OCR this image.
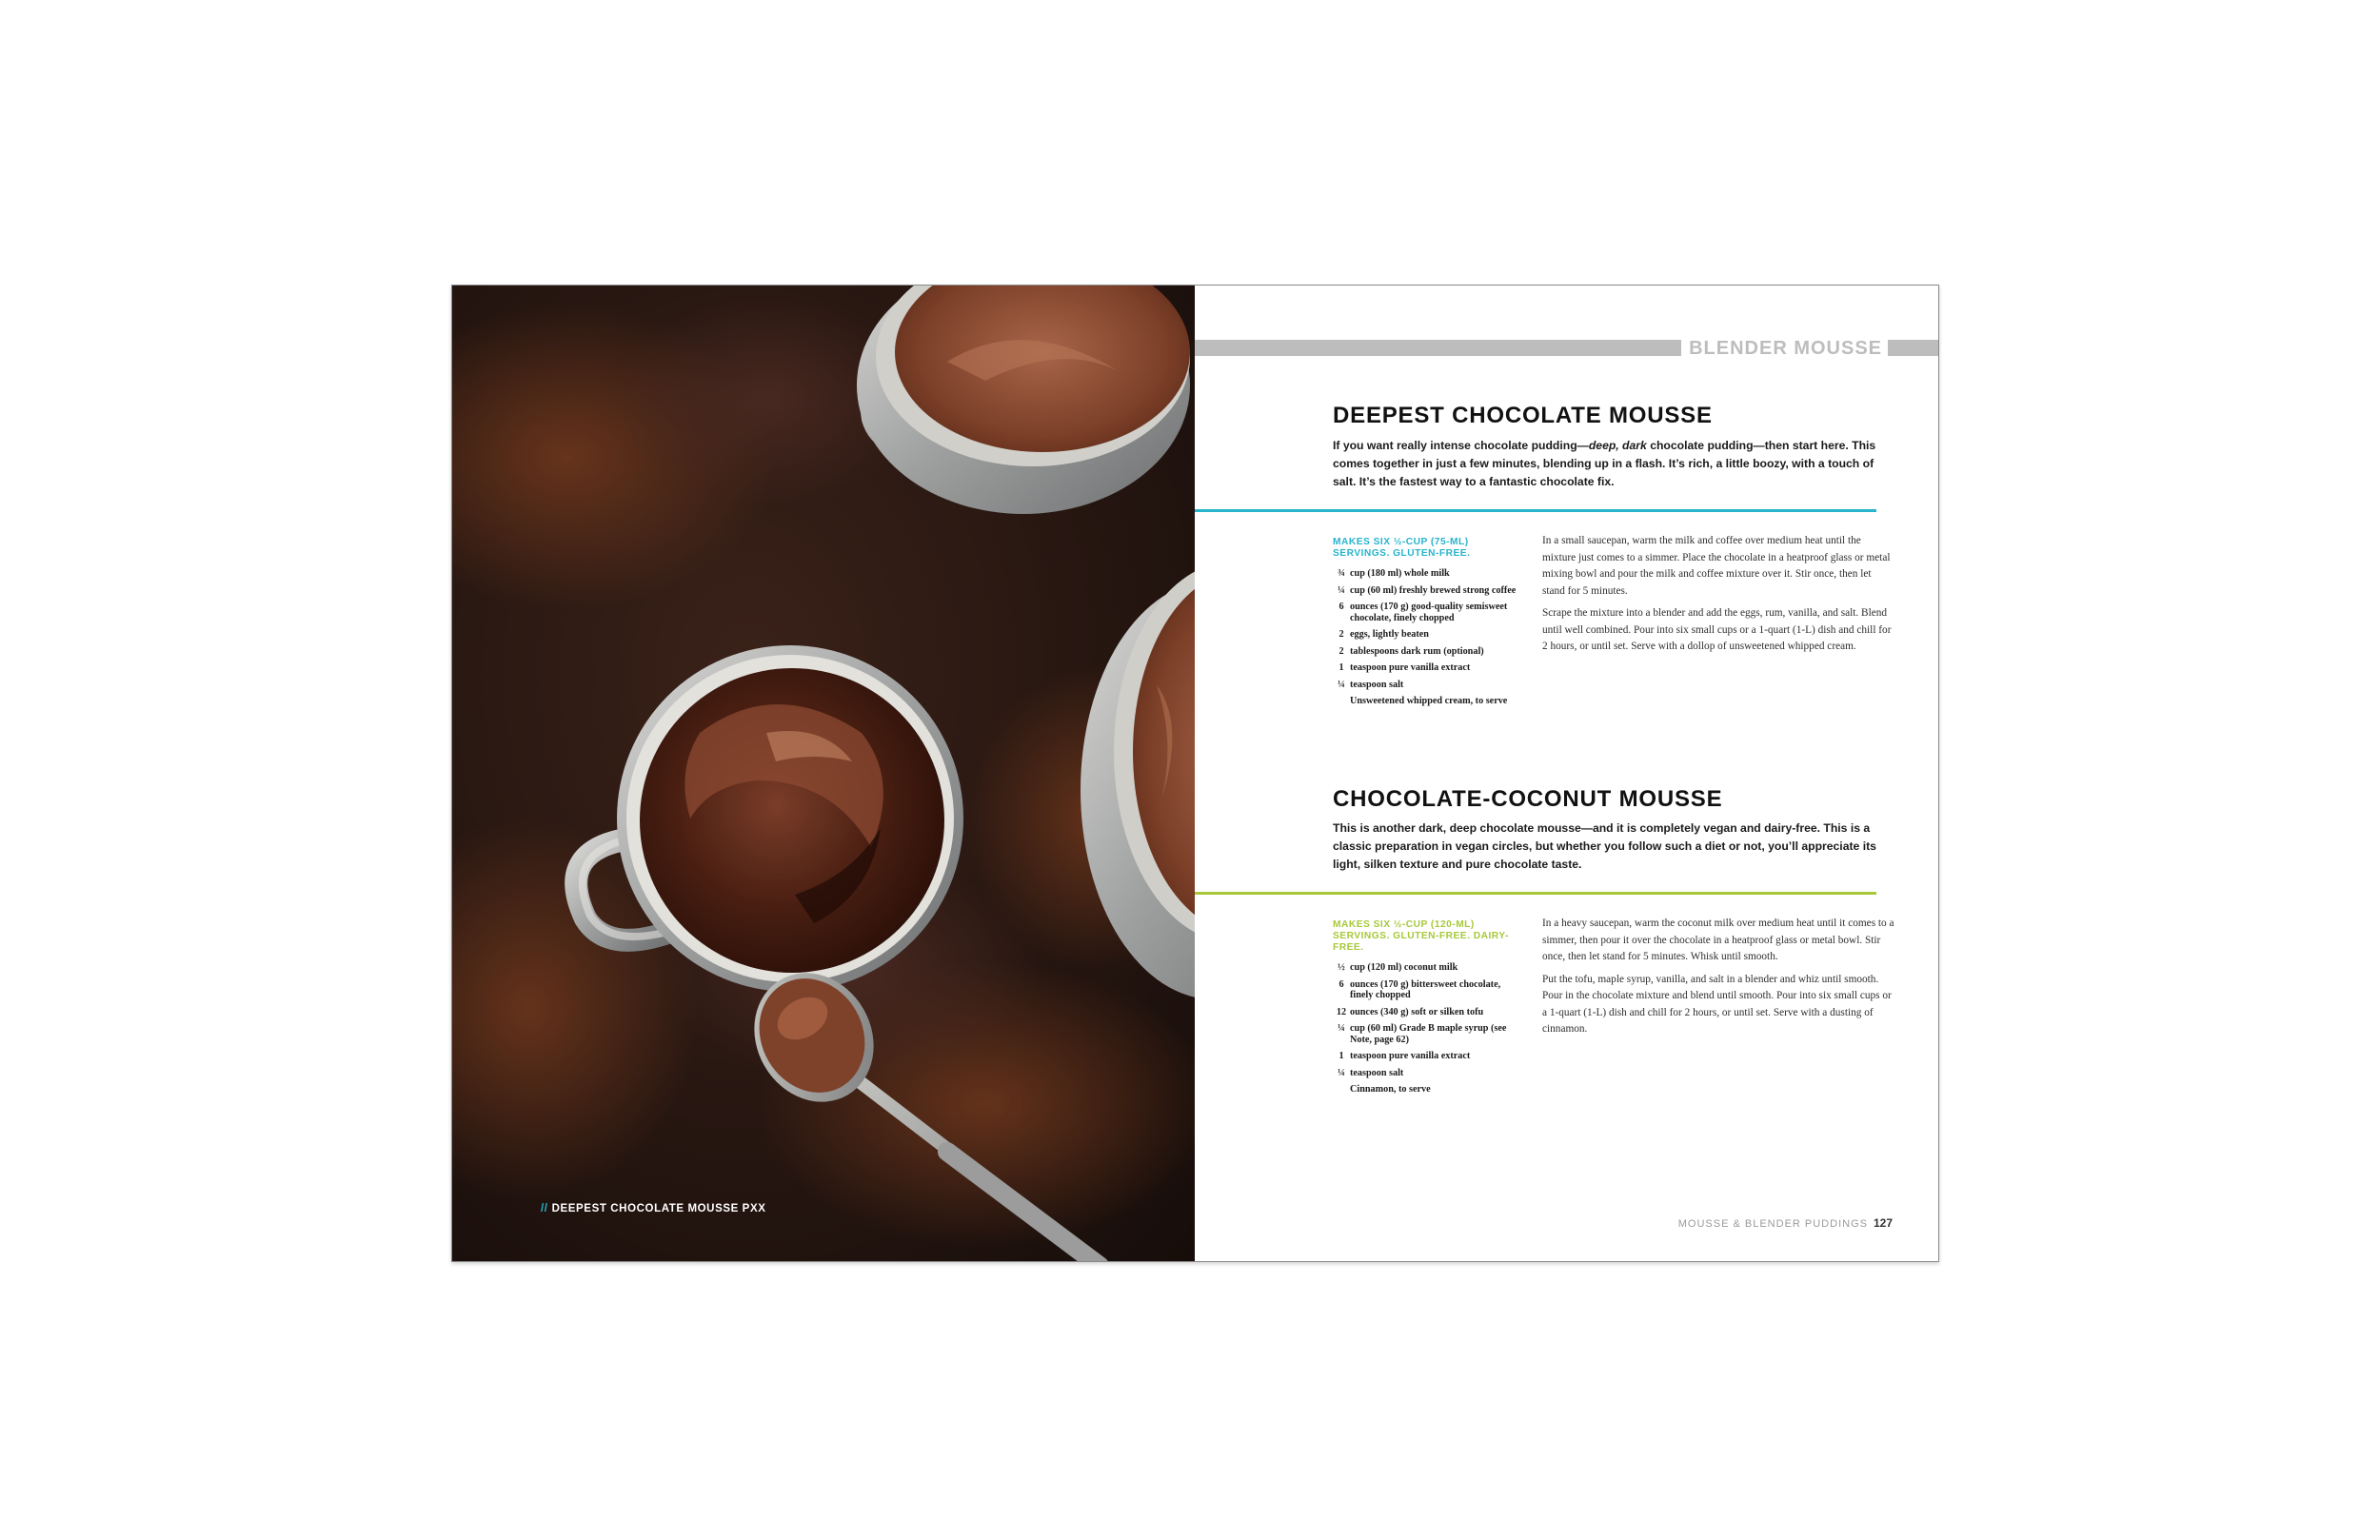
// DEEPEST CHOCOLATE MOUSSE PXX
BLENDER MOUSSE
DEEPEST CHOCOLATE MOUSSE

If you want really intense chocolate pudding—deep, dark chocolate pudding—then start here. This comes together in just a few minutes, blending up in a flash. It’s rich, a little boozy, with a touch of salt. It’s the fastest way to a fantastic chocolate fix.

MAKES SIX ½-CUP (75-ML) SERVINGS. GLUTEN-FREE.

¾ cup (180 ml) whole milk
¼ cup (60 ml) freshly brewed strong coffee
6 ounces (170 g) good-quality semisweet chocolate, finely chopped
2 eggs, lightly beaten
2 tablespoons dark rum (optional)
1 teaspoon pure vanilla extract
¼ teaspoon salt
Unsweetened whipped cream, to serve

In a small saucepan, warm the milk and coffee over medium heat until the mixture just comes to a simmer. Place the chocolate in a heatproof glass or metal mixing bowl and pour the milk and coffee mixture over it. Stir once, then let stand for 5 minutes.

Scrape the mixture into a blender and add the eggs, rum, vanilla, and salt. Blend until well combined. Pour into six small cups or a 1-quart (1-L) dish and chill for 2 hours, or until set. Serve with a dollop of unsweetened whipped cream.

CHOCOLATE-COCONUT MOUSSE

This is another dark, deep chocolate mousse—and it is completely vegan and dairy-free. This is a classic preparation in vegan circles, but whether you follow such a diet or not, you’ll appreciate its light, silken texture and pure chocolate taste.

MAKES SIX ½-CUP (120-ML) SERVINGS. GLUTEN-FREE. DAIRY-FREE.

½ cup (120 ml) coconut milk
6 ounces (170 g) bittersweet chocolate, finely chopped
12 ounces (340 g) soft or silken tofu
¼ cup (60 ml) Grade B maple syrup (see Note, page 62)
1 teaspoon pure vanilla extract
¼ teaspoon salt
Cinnamon, to serve

In a heavy saucepan, warm the coconut milk over medium heat until it comes to a simmer, then pour it over the chocolate in a heatproof glass or metal bowl. Stir once, then let stand for 5 minutes. Whisk until smooth.

Put the tofu, maple syrup, vanilla, and salt in a blender and whiz until smooth. Pour in the chocolate mixture and blend until smooth. Pour into six small cups or a 1-quart (1-L) dish and chill for 2 hours, or until set. Serve with a dusting of cinnamon.

MOUSSE & BLENDER PUDDINGS 127
